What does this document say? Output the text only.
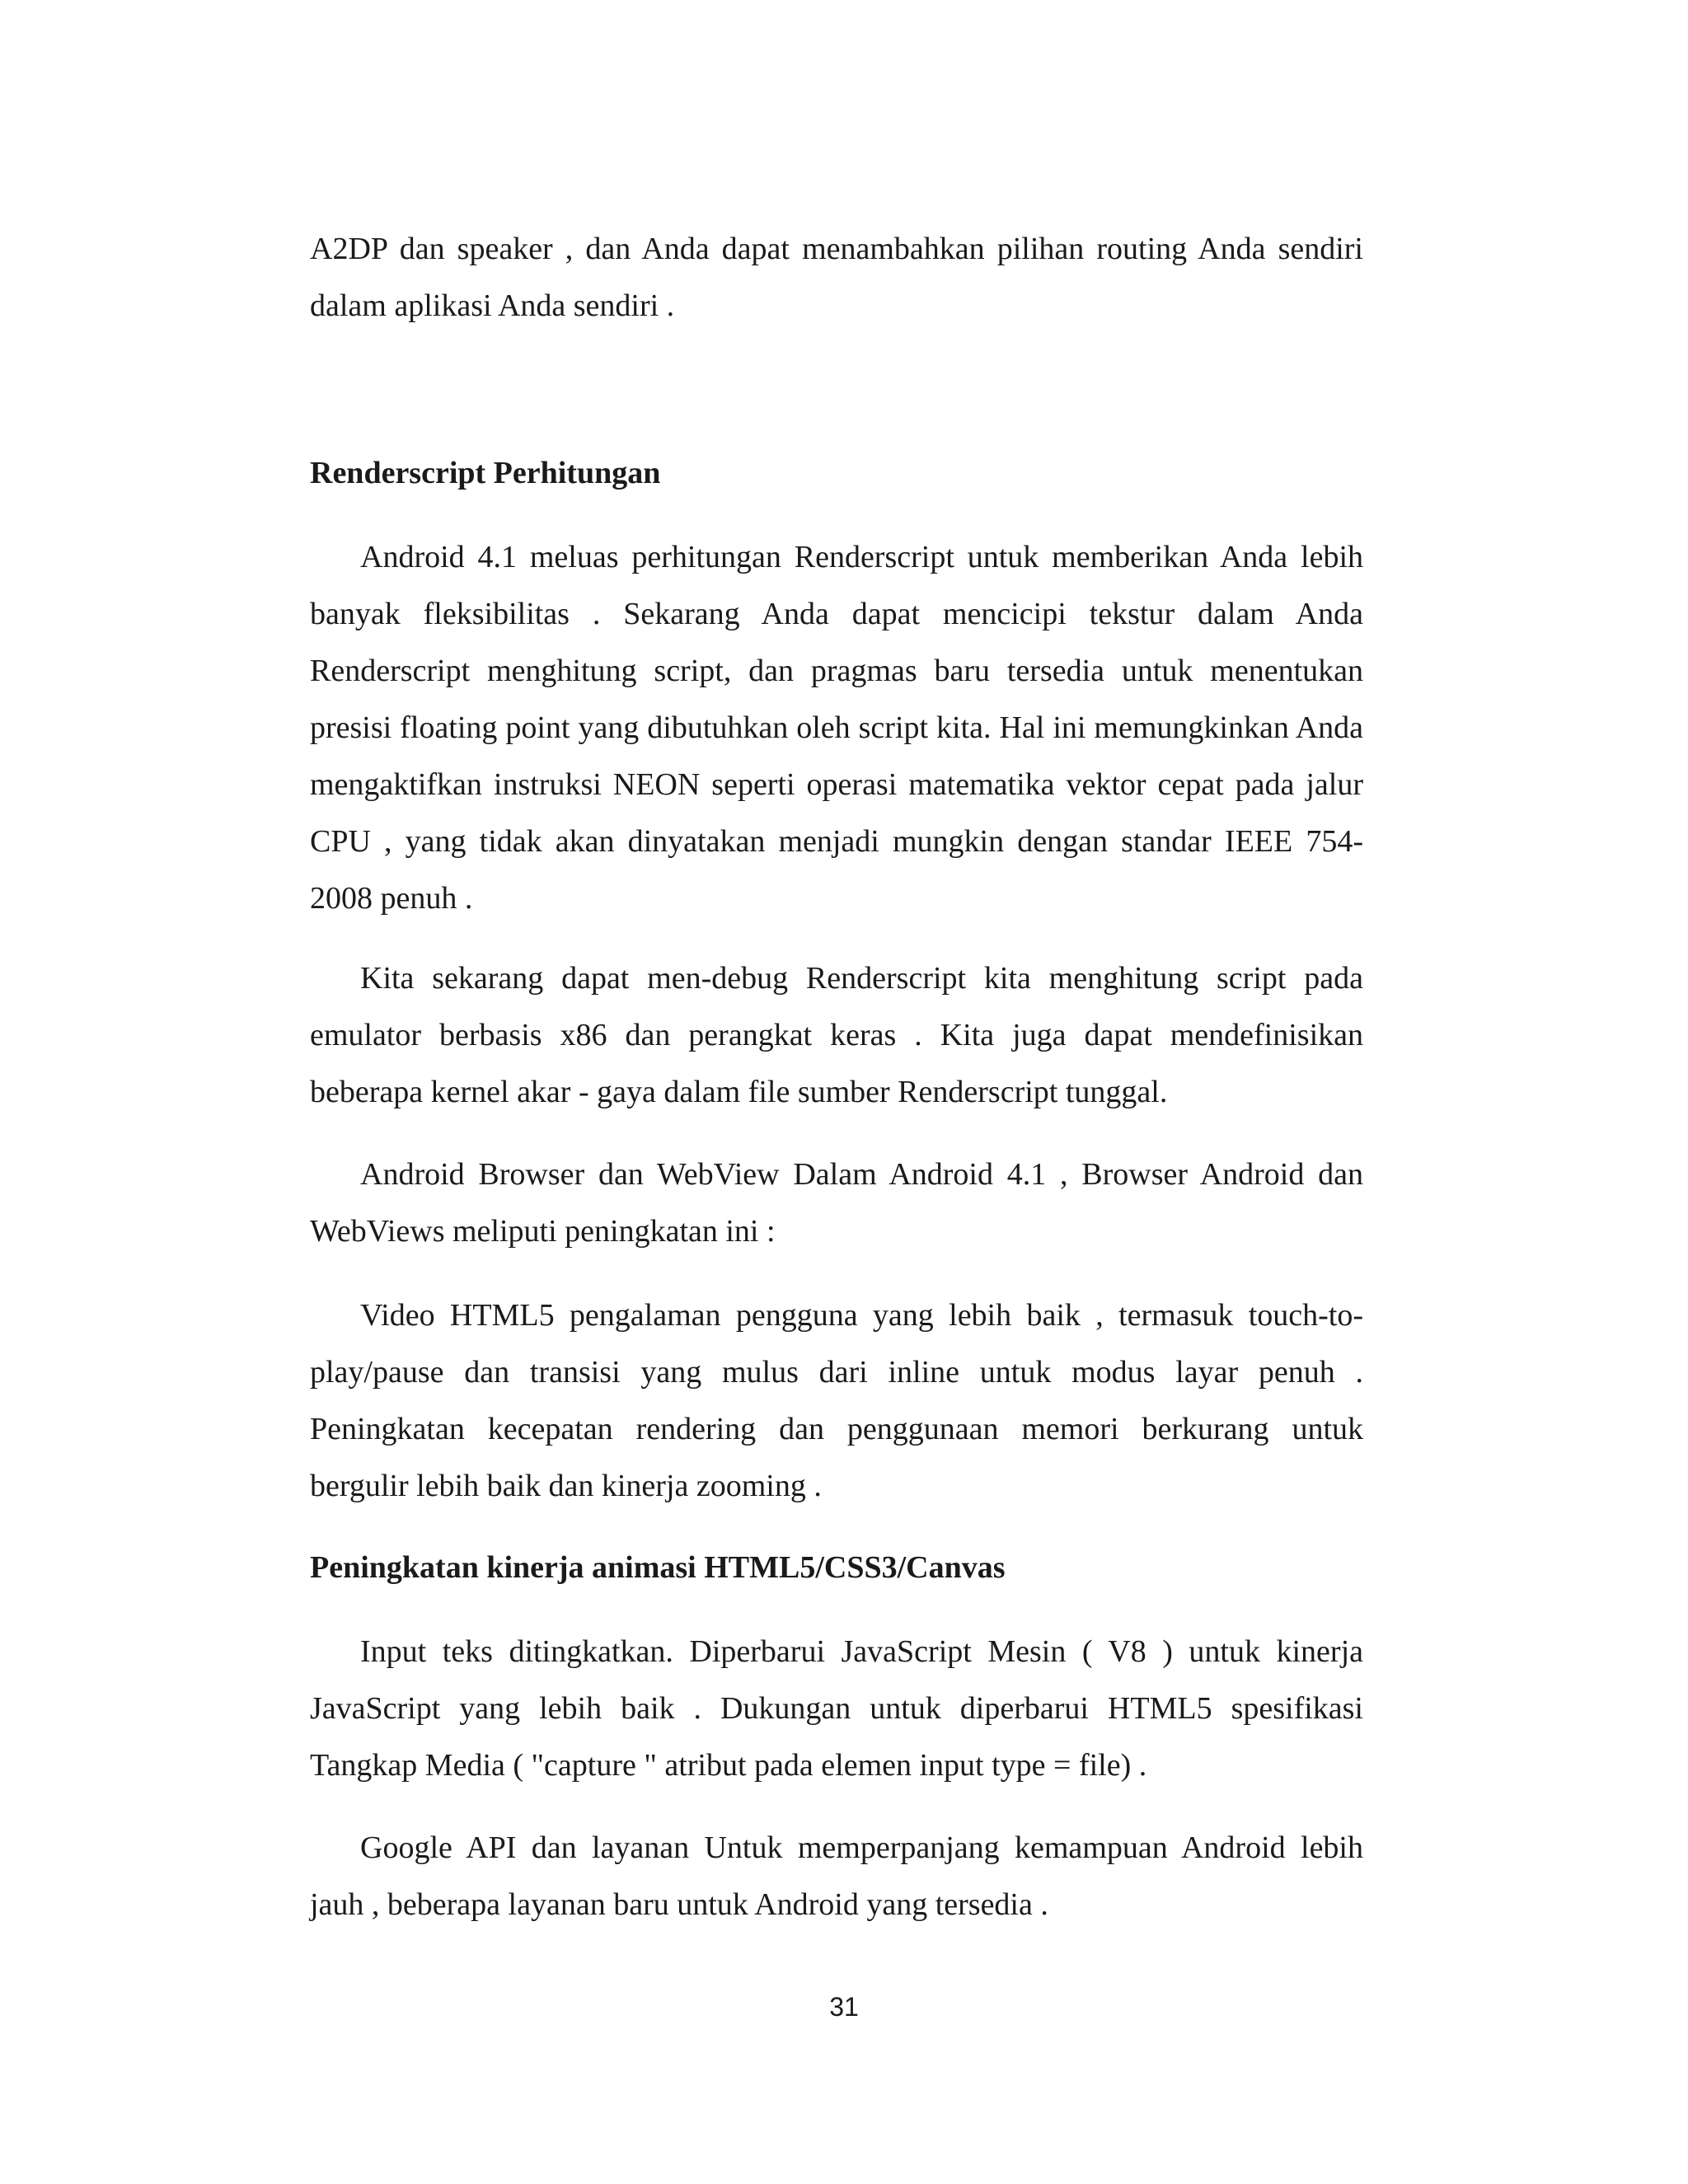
A2DP dan speaker , dan Anda dapat menambahkan pilihan routing Anda sendiri dalam aplikasi Anda sendiri .

Renderscript Perhitungan

Android 4.1 meluas perhitungan Renderscript untuk memberikan Anda lebih banyak fleksibilitas . Sekarang Anda dapat mencicipi tekstur dalam Anda Renderscript menghitung script, dan pragmas baru tersedia untuk menentukan presisi floating point yang dibutuhkan oleh script kita. Hal ini memungkinkan Anda mengaktifkan instruksi NEON seperti operasi matematika vektor cepat pada jalur CPU , yang tidak akan dinyatakan menjadi mungkin dengan standar IEEE 754-2008 penuh .

Kita sekarang dapat men-debug Renderscript kita menghitung script pada emulator berbasis x86 dan perangkat keras . Kita juga dapat mendefinisikan beberapa kernel akar - gaya dalam file sumber Renderscript tunggal.

Android Browser dan WebView Dalam Android 4.1 , Browser Android dan WebViews meliputi peningkatan ini :

Video HTML5 pengalaman pengguna yang lebih baik , termasuk touch-to-play/pause dan transisi yang mulus dari inline untuk modus layar penuh . Peningkatan kecepatan rendering dan penggunaan memori berkurang untuk bergulir lebih baik dan kinerja zooming .

Peningkatan kinerja animasi HTML5/CSS3/Canvas

Input teks ditingkatkan. Diperbarui JavaScript Mesin ( V8 ) untuk kinerja JavaScript yang lebih baik . Dukungan untuk diperbarui HTML5 spesifikasi Tangkap Media ( "capture " atribut pada elemen input type = file) .

Google API dan layanan Untuk memperpanjang kemampuan Android lebih jauh , beberapa layanan baru untuk Android yang tersedia .

31
